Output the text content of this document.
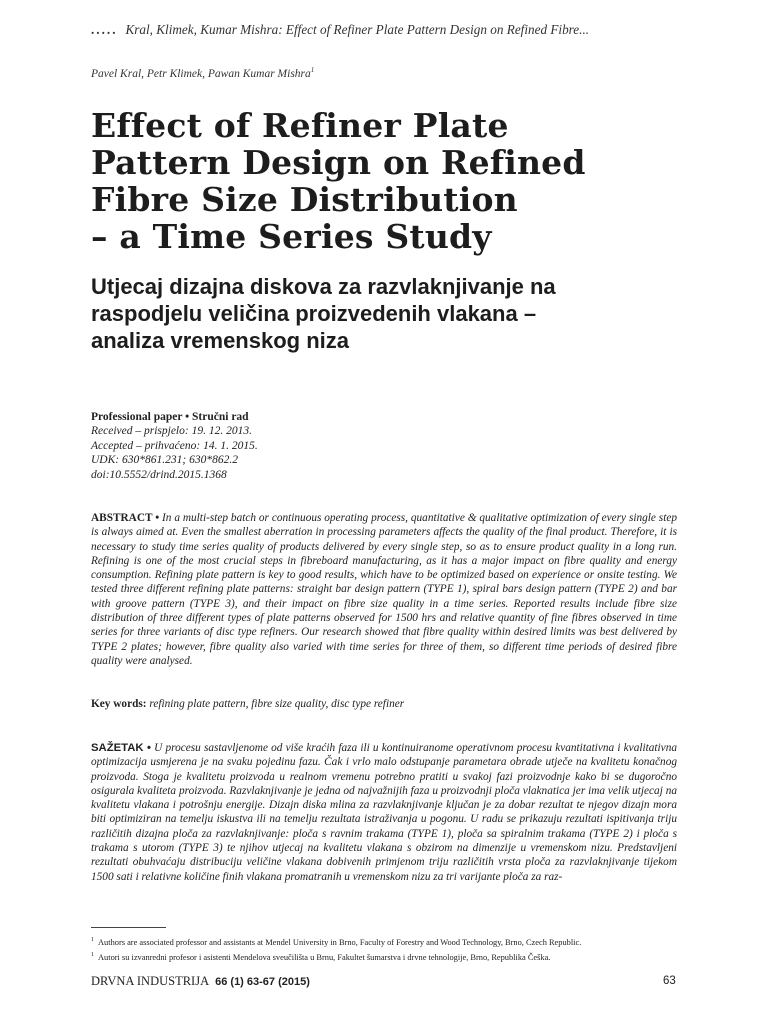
..... Kral, Klimek, Kumar Mishra: Effect of Refiner Plate Pattern Design on Refined Fibre...
Pavel Kral, Petr Klimek, Pawan Kumar Mishra$^1$
Effect of Refiner Plate
Pattern Design on Refined
Fibre Size Distribution
– a Time Series Study
Utjecaj dizajna diskova za razvlaknjivanje na
raspodjelu veličina proizvedenih vlakana –
analiza vremenskog niza
Professional paper • Stručni rad
Received – prispjelo: 19. 12. 2013.
Accepted – prihvaćeno: 14. 1. 2015.
UDK: 630*861.231; 630*862.2
doi:10.5552/drind.2015.1368

ABSTRACT • In a multi-step batch or continuous operating process, quantitative & qualitative optimization of every single step is always aimed at. Even the smallest aberration in processing parameters affects the quality of the final product. Therefore, it is necessary to study time series quality of products delivered by every single step, so as to ensure product quality in a long run. Refining is one of the most crucial steps in fibreboard manufacturing, as it has a major impact on fibre quality and energy consumption. Refining plate pattern is key to good results, which have to be optimized based on experience or onsite testing. We tested three different refining plate patterns: straight bar design pattern (TYPE 1), spiral bars design pattern (TYPE 2) and bar with groove pattern (TYPE 3), and their impact on fibre size quality in a time series. Reported results include fibre size distribution of three different types of plate patterns observed for 1500 hrs and relative quantity of fine fibres observed in time series for three variants of disc type refiners. Our research showed that fibre quality within desired limits was best delivered by TYPE 2 plates; however, fibre quality also varied with time series for three of them, so different time periods of desired fibre quality were analysed.

Key words: refining plate pattern, fibre size quality, disc type refiner

SAŽETAK • U procesu sastavljenome od više kraćih faza ili u kontinuiranome operativnom procesu kvantitativna i kvalitativna optimizacija usmjerena je na svaku pojedinu fazu. Čak i vrlo malo odstupanje parametara obrade utječe na kvalitetu konačnog proizvoda. Stoga je kvalitetu proizvoda u realnom vremenu potrebno pratiti u svakoj fazi proizvodnje kako bi se dugoročno osigurala kvaliteta proizvoda. Razvlaknjivanje je jedna od najvažnijih faza u proizvodnji ploča vlaknatica jer ima velik utjecaj na kvalitetu vlakana i potrošnju energije. Dizajn diska mlina za razvlaknjivanje ključan je za dobar rezultat te njegov dizajn mora biti optimiziran na temelju iskustva ili na temelju rezultata istraživanja u pogonu. U radu se prikazuju rezultati ispitivanja triju različitih dizajna ploča za razvlaknjivanje: ploča s ravnim trakama (TYPE 1), ploča sa spiralnim trakama (TYPE 2) i ploča s trakama s utorom (TYPE 3) te njihov utjecaj na kvalitetu vlakana s obzirom na dimenzije u vremenskom nizu. Predstavljeni rezultati obuhvaćaju distribuciju veličine vlakana dobivenih primjenom triju različitih vrsta ploča za razvlaknjivanje tijekom 1500 sati i relativne količine finih vlakana promatranih u vremenskom nizu za tri varijante ploča za raz-

$^1$ Authors are associated professor and assistants at Mendel University in Brno, Faculty of Forestry and Wood Technology, Brno, Czech Republic.
$^1$ Autori su izvanredni profesor i asistenti Mendelova sveučilišta u Brnu, Fakultet šumarstva i drvne tehnologije, Brno, Republika Češka.
DRVNA INDUSTRIJA 66 (1) 63-67 (2015)	63
